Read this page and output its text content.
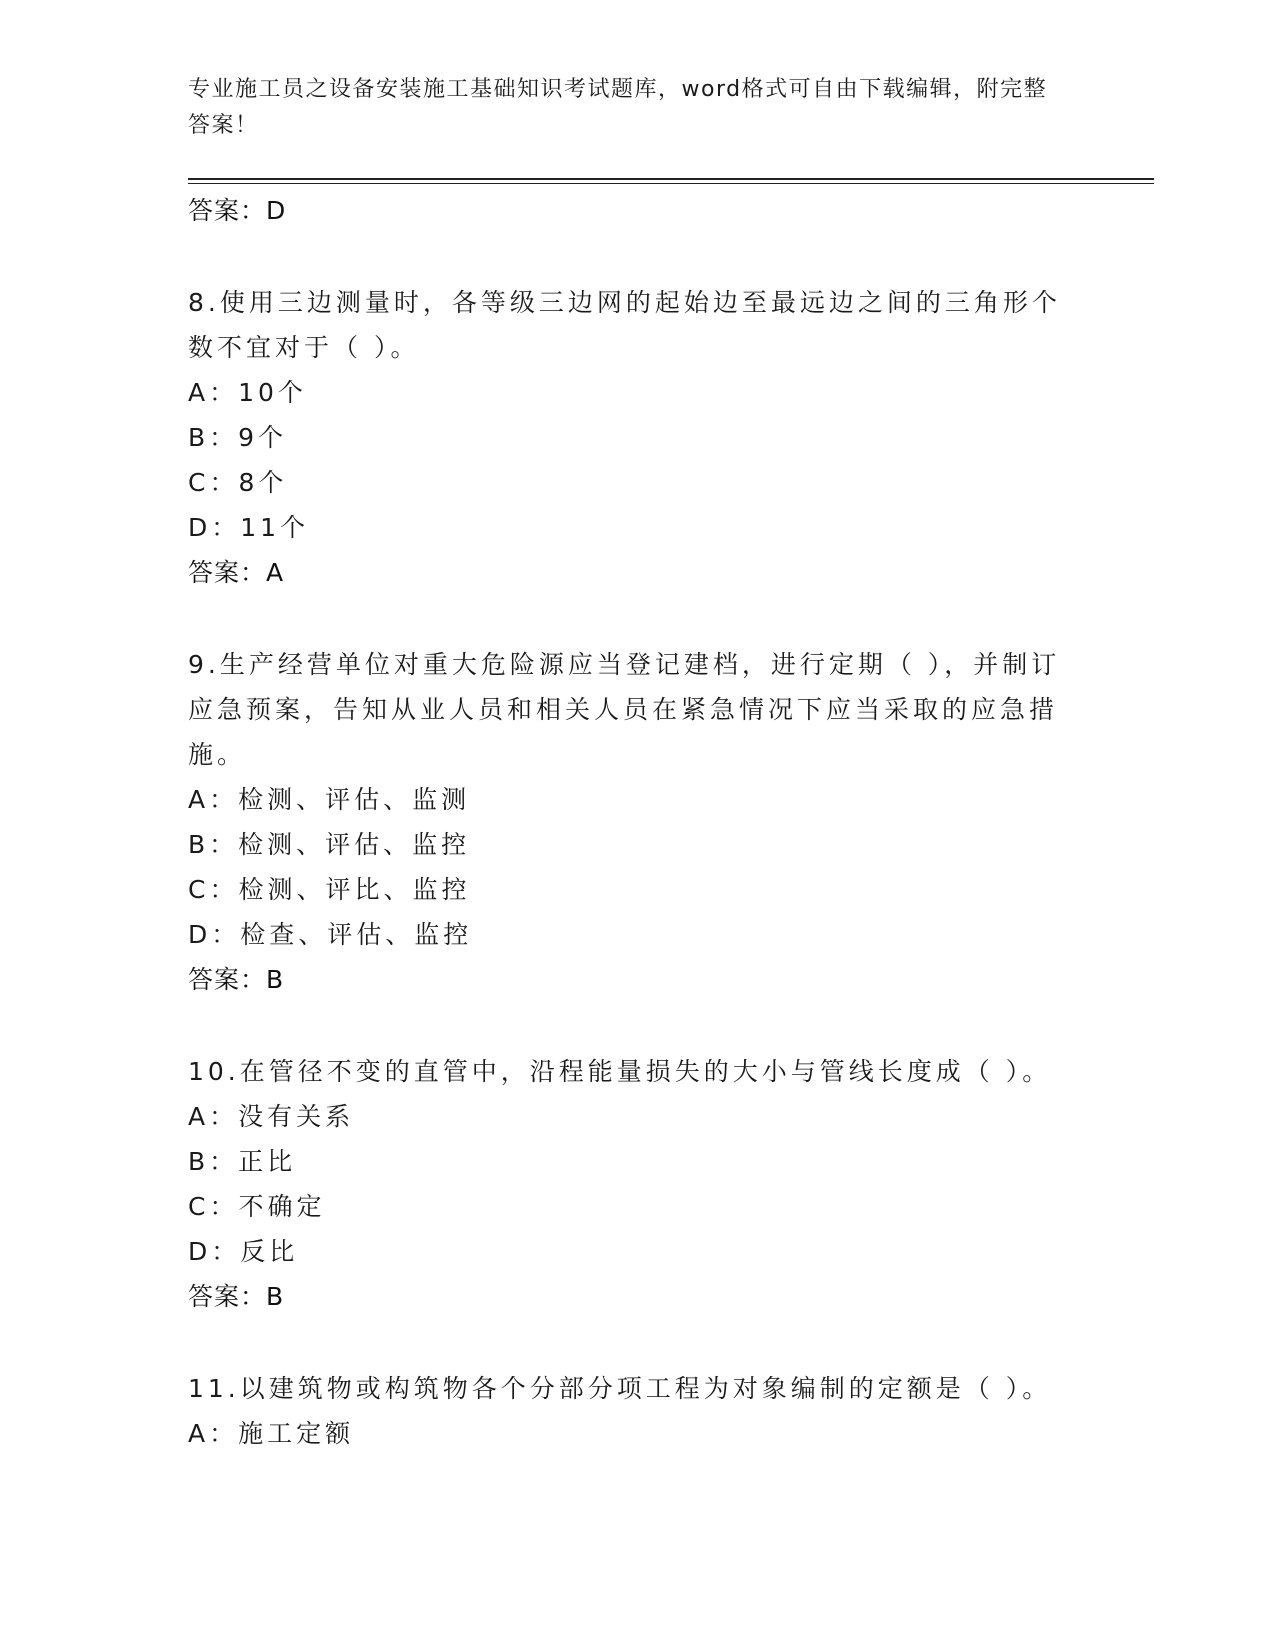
专业施工员之设备安装施工基础知识考试题库，word格式可自由下载编辑，附完整答案！
答案：D
8.使用三边测量时，各等级三边网的起始边至最远边之间的三角形个数不宜对于（ ）。
A：10个
B：9个
C：8个
D：11个
答案：A
9.生产经营单位对重大危险源应当登记建档，进行定期（ ），并制订应急预案，告知从业人员和相关人员在紧急情况下应当采取的应急措施。
A：检测、评估、监测
B：检测、评估、监控
C：检测、评比、监控
D：检查、评估、监控
答案：B
10.在管径不变的直管中，沿程能量损失的大小与管线长度成（ ）。
A：没有关系
B：正比
C：不确定
D：反比
答案：B
11.以建筑物或构筑物各个分部分项工程为对象编制的定额是（ ）。
A：施工定额
